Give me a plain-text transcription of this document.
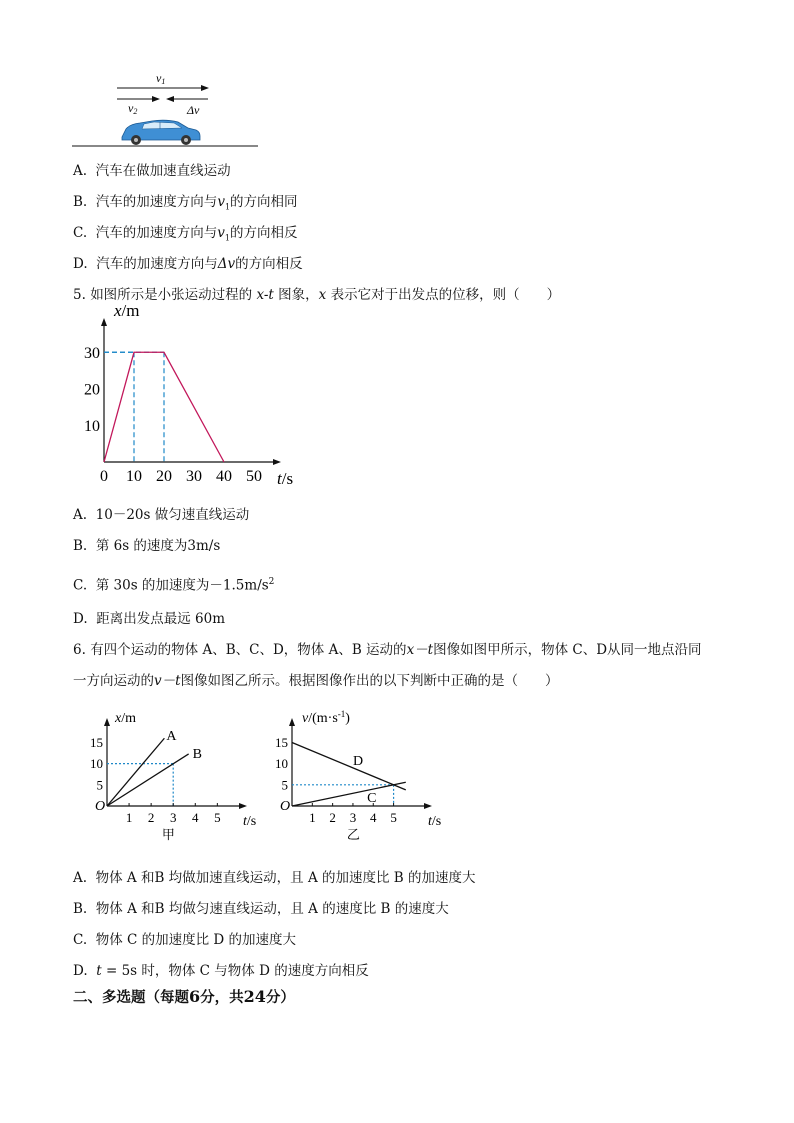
v1
v2	Δv
A. 汽车在做加速直线运动
B. 汽车的加速度方向与$v_1$的方向相同
C. 汽车的加速度方向与$v_1$的方向相反
D. 汽车的加速度方向与Δv的方向相反
5. 如图所示是小张运动过程的 x-t 图象，x 表示它对于出发点的位移，则（　　）
0 10 20 30 40 50
10
20
30
t/s
x/m
A. 10－20s 做匀速直线运动
B. 第 6s 的速度为3m/s
C. 第 30s 的加速度为$-1.5m/s^2$
D. 距离出发点最远 60m
6. 有四个运动的物体 A、B、C、D，物体 A、B 运动的x－t图像如图甲所示，物体 C、D从同一地点沿同
一方向运动的v－t图像如图乙所示。根据图像作出的以下判断中正确的是（　　）
1 2 3 4 5
5
10
15
t/s
x/m
O
甲
A
B
1 2 3 4 5
5
10
15
t/s
$v/(m\cdot s^{-1})$
O
乙
D
C
A. 物体 A 和B 均做加速直线运动，且 A 的加速度比 B 的加速度大
B. 物体 A 和B 均做匀速直线运动，且 A 的速度比 B 的速度大
C. 物体 C 的加速度比 D 的加速度大
D. t = 5s 时，物体 C 与物体 D 的速度方向相反
二、多选题（每题6分，共24分）
